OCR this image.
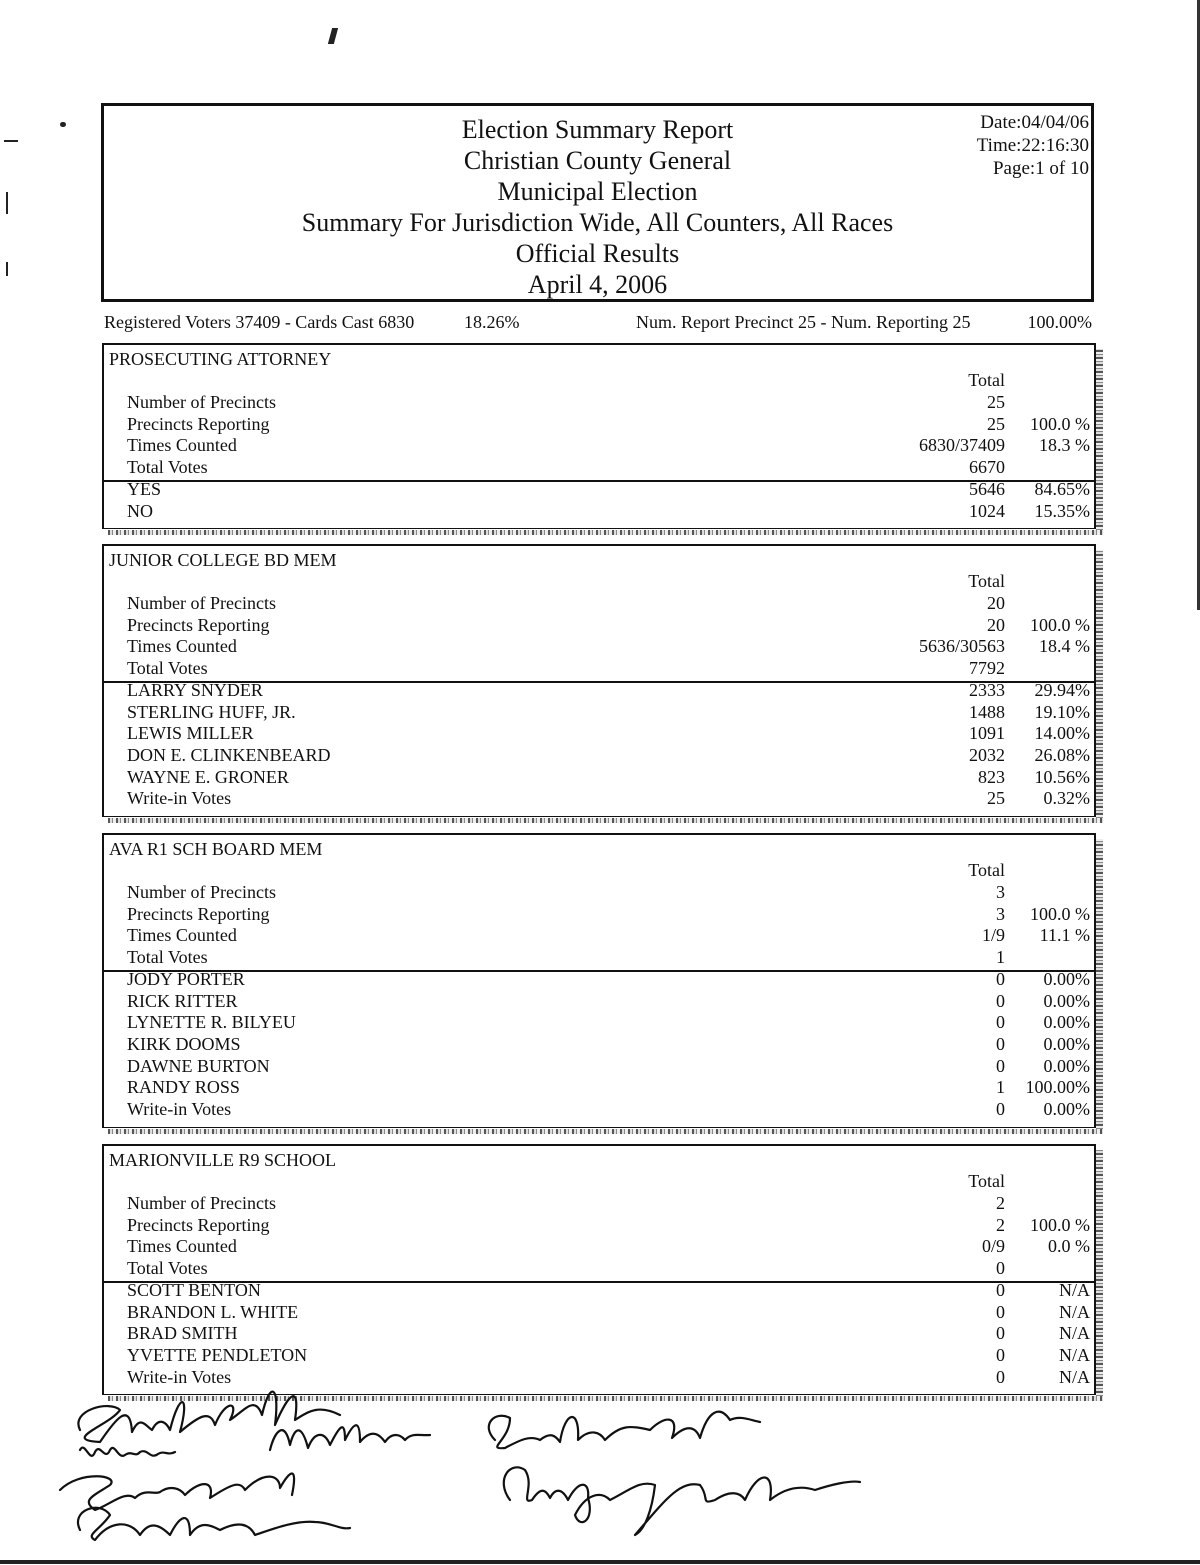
Election Summary Report
Christian County General
Municipal Election
Summary For Jurisdiction Wide, All Counters, All Races
Official Results
April 4, 2006
Date:04/04/06
Time:22:16:30
Page:1 of 10
Registered Voters 37409 - Cards Cast 6830	18.26%	Num. Report Precinct 25 - Num. Reporting 25	100.00%
PROSECUTING ATTORNEY
Total
Number of Precincts	25
Precincts Reporting	25 100.0 %
Times Counted	6830/37409 18.3 %
Total Votes	6670
YES	5646 84.65%
NO	1024 15.35%
JUNIOR COLLEGE BD MEM
Total
Number of Precincts	20
Precincts Reporting	20 100.0 %
Times Counted	5636/30563 18.4 %
Total Votes	7792
LARRY SNYDER	2333 29.94%
STERLING HUFF, JR.	1488 19.10%
LEWIS MILLER	1091 14.00%
DON E. CLINKENBEARD	2032 26.08%
WAYNE E. GRONER	823 10.56%
Write-in Votes	25 0.32%
AVA R1 SCH BOARD MEM
Total
Number of Precincts	3
Precincts Reporting	3 100.0 %
Times Counted	1/9 11.1 %
Total Votes	1
JODY PORTER	0 0.00%
RICK RITTER	0 0.00%
LYNETTE R. BILYEU	0 0.00%
KIRK DOOMS	0 0.00%
DAWNE BURTON	0 0.00%
RANDY ROSS	1 100.00%
Write-in Votes	0 0.00%
MARIONVILLE R9 SCHOOL
Total
Number of Precincts	2
Precincts Reporting	2 100.0 %
Times Counted	0/9 0.0 %
Total Votes	0
SCOTT BENTON	0	N/A
BRANDON L. WHITE	0	N/A
BRAD SMITH	0	N/A
YVETTE PENDLETON	0	N/A
Write-in Votes	0	N/A
